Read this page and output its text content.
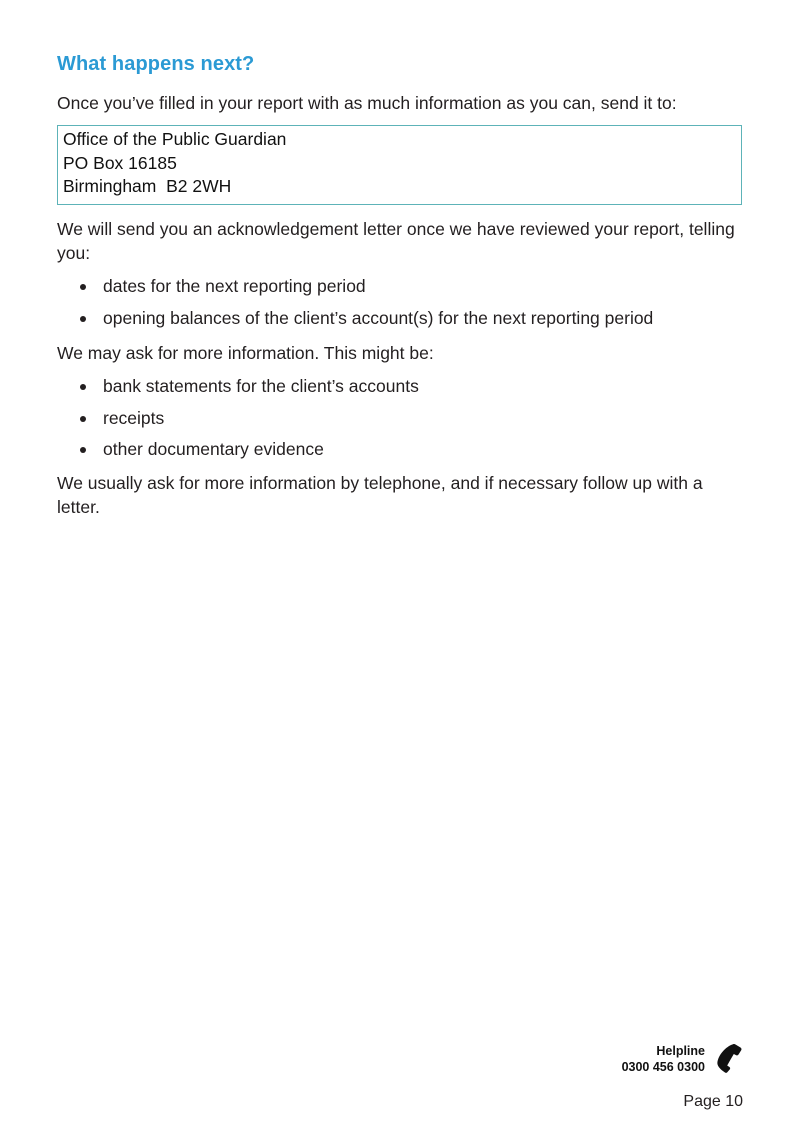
What happens next?

Once you’ve filled in your report with as much information as you can, send it to:

Office of the Public Guardian
PO Box 16185
Birmingham  B2 2WH

We will send you an acknowledgement letter once we have reviewed your report, telling you:

dates for the next reporting period
opening balances of the client’s account(s) for the next reporting period

We may ask for more information. This might be:

bank statements for the client’s accounts
receipts
other documentary evidence

We usually ask for more information by telephone, and if necessary follow up with a letter.

Helpline
0300 456 0300
Page 10
